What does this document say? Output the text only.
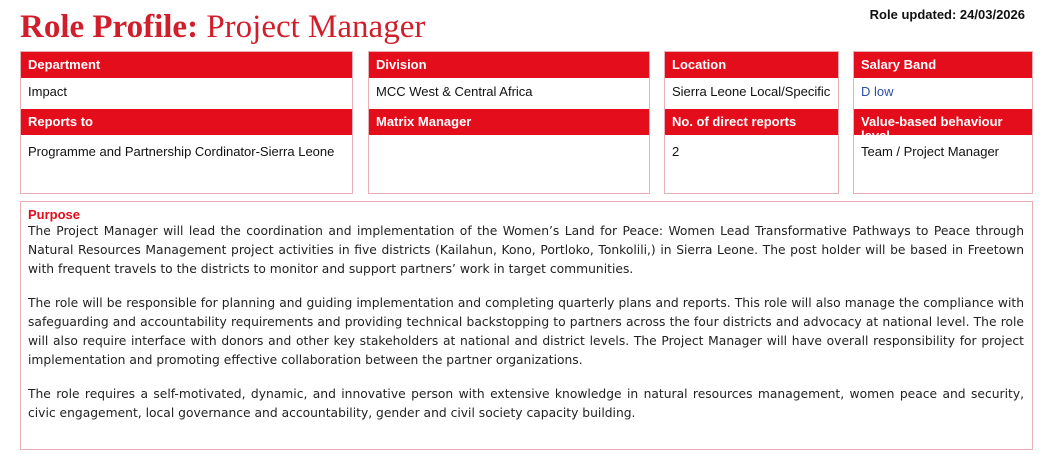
Role Profile: Project Manager	Role updated: 24/03/2026
Department
Impact
Reports to
Programme and Partnership Cordinator-Sierra Leone
Division
MCC West & Central Africa
Matrix Manager
Location
Sierra Leone Local/Specific
No. of direct reports
2
Salary Band
D low
Value-based behaviour level
Team / Project Manager
Purpose

The Project Manager will lead the coordination and implementation of the Women’s Land for Peace: Women Lead Transformative Pathways to Peace through Natural Resources Management project activities in five districts (Kailahun, Kono, Portloko, Tonkolili,) in Sierra Leone. The post holder will be based in Freetown with frequent travels to the districts to monitor and support partners’ work in target communities.

The role will be responsible for planning and guiding implementation and completing quarterly plans and reports. This role will also manage the compliance with safeguarding and accountability requirements and providing technical backstopping to partners across the four districts and advocacy at national level. The role will also require interface with donors and other key stakeholders at national and district levels. The Project Manager will have overall responsibility for project implementation and promoting effective collaboration between the partner organizations.

The role requires a self-motivated, dynamic, and innovative person with extensive knowledge in natural resources management, women peace and security, civic engagement, local governance and accountability, gender and civil society capacity building.
